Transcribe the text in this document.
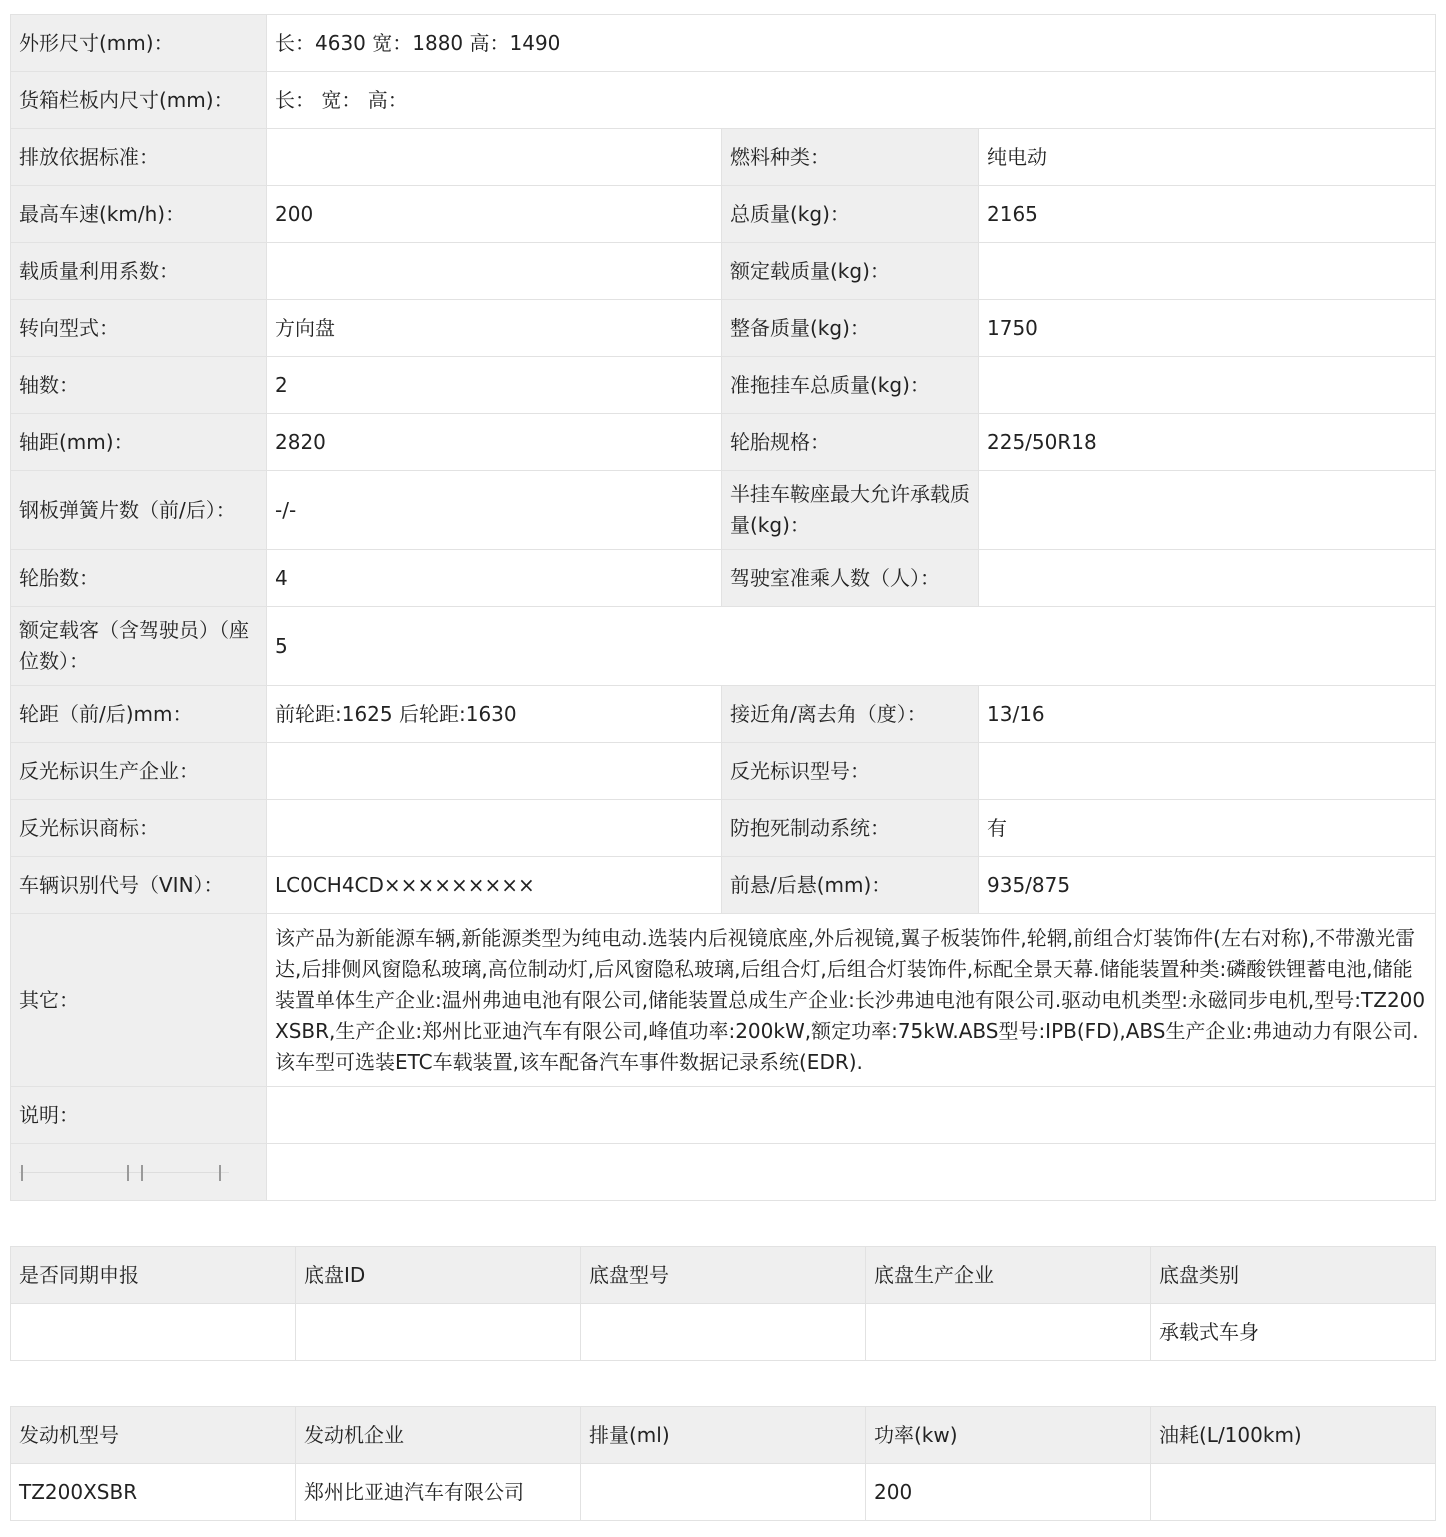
外形尺寸(mm)：	长：4630 宽：1880 高：1490		
货箱栏板内尺寸(mm)：	长： 宽： 高：		
排放依据标准：		燃料种类：	纯电动
最高车速(km/h)：	200	总质量(kg)：	2165
载质量利用系数：		额定载质量(kg)：	
转向型式：	方向盘	整备质量(kg)：	1750
轴数：	2	准拖挂车总质量(kg)：	
轴距(mm)：	2820	轮胎规格：	225/50R18
钢板弹簧片数（前/后）：	-/-	半挂车鞍座最大允许承载质量(kg)：	
轮胎数：	4	驾驶室准乘人数（人）：	
额定载客（含驾驶员）（座位数）：	5		
轮距（前/后)mm：	前轮距:1625 后轮距:1630	接近角/离去角（度）：	13/16
反光标识生产企业：		反光标识型号：	
反光标识商标：		防抱死制动系统：	有
车辆识别代号（VIN）：	LC0CH4CD×××××××××	前悬/后悬(mm)：	935/875
其它：	该产品为新能源车辆,新能源类型为纯电动.选装内后视镜底座,外后视镜,翼子板装饰件,轮辋,前组合灯装饰件(左右对称),不带激光雷达,后排侧风窗隐私玻璃,高位制动灯,后风窗隐私玻璃,后组合灯,后组合灯装饰件,标配全景天幕.储能装置种类:磷酸铁锂蓄电池,储能装置单体生产企业:温州弗迪电池有限公司,储能装置总成生产企业:长沙弗迪电池有限公司.驱动电机类型:永磁同步电机,型号:TZ200XSBR,生产企业:郑州比亚迪汽车有限公司,峰值功率:200kW,额定功率:75kW.ABS型号:IPB(FD),ABS生产企业:弗迪动力有限公司.该车型可选装ETC车载装置,该车配备汽车事件数据记录系统(EDR).		
说明：			

是否同期申报	底盘ID	底盘型号	底盘生产企业	底盘类别
				承载式车身
发动机型号	发动机企业	排量(ml)	功率(kw)	油耗(L/100km)
TZ200XSBR	郑州比亚迪汽车有限公司		200	
